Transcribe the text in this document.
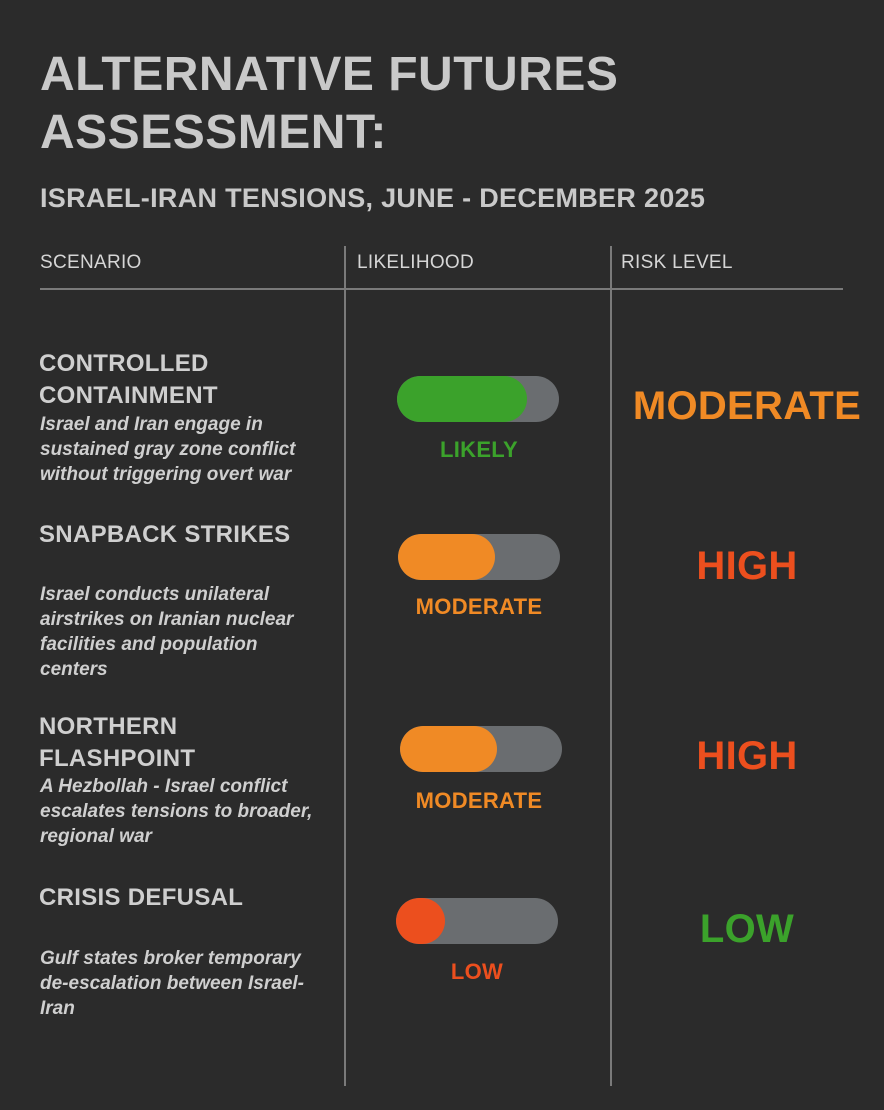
ALTERNATIVE FUTURES ASSESSMENT:
ISRAEL-IRAN TENSIONS, JUNE - DECEMBER 2025
SCENARIO	LIKELIHOOD	RISK LEVEL
CONTROLLED CONTAINMENT
Israel and Iran engage in sustained gray zone conflict without triggering overt war
LIKELY
MODERATE
SNAPBACK STRIKES
Israel conducts unilateral airstrikes on Iranian nuclear facilities and population centers
MODERATE
HIGH
NORTHERN FLASHPOINT
A Hezbollah - Israel conflict escalates tensions to broader, regional war
MODERATE
HIGH
CRISIS DEFUSAL
Gulf states broker temporary de-escalation between Israel-Iran
LOW
LOW
